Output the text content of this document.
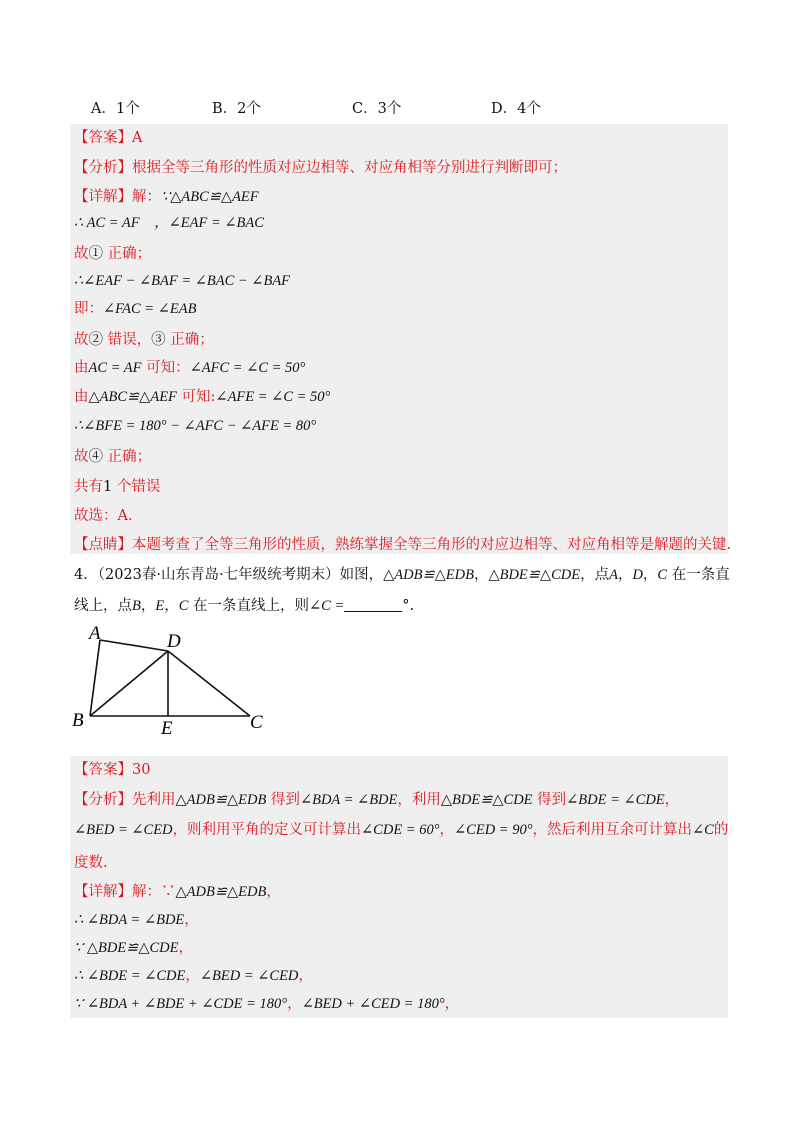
A．1个	B．2个	C．3个	D．4个
【答案】A
【分析】根据全等三角形的性质对应边相等、对应角相等分别进行判断即可；
【详解】解：∵△ABC≌△AEF
∴ AC = AF　，∠EAF = ∠BAC
故① 正确；
∴∠EAF − ∠BAF = ∠BAC − ∠BAF
即：∠FAC = ∠EAB
故② 错误，③ 正确；
由AC = AF 可知：∠AFC = ∠C = 50°
由△ABC≌△AEF 可知:∠AFE = ∠C = 50°
∴∠BFE = 180° − ∠AFC − ∠AFE = 80°
故④ 正确；
共有1 个错误
故选：A.
【点睛】本题考查了全等三角形的性质，熟练掌握全等三角形的对应边相等、对应角相等是解题的关键.
4．（2023春·山东青岛·七年级统考期末）如图，△ADB≌△EDB，△BDE≌△CDE，点A，D，C 在一条直
线上，点B，E，C 在一条直线上，则∠C =	°.
A	D
B	E	C
【答案】30
【分析】先利用△ADB≌△EDB 得到∠BDA = ∠BDE，利用△BDE≌△CDE 得到∠BDE = ∠CDE，
∠BED = ∠CED，则利用平角的定义可计算出∠CDE = 60°，∠CED = 90°，然后利用互余可计算出∠C的
度数.
【详解】解：∵△ADB≌△EDB，
∴ ∠BDA = ∠BDE，
∵ △BDE≌△CDE，
∴ ∠BDE = ∠CDE，∠BED = ∠CED，
∵ ∠BDA + ∠BDE + ∠CDE = 180°，∠BED + ∠CED = 180°，
